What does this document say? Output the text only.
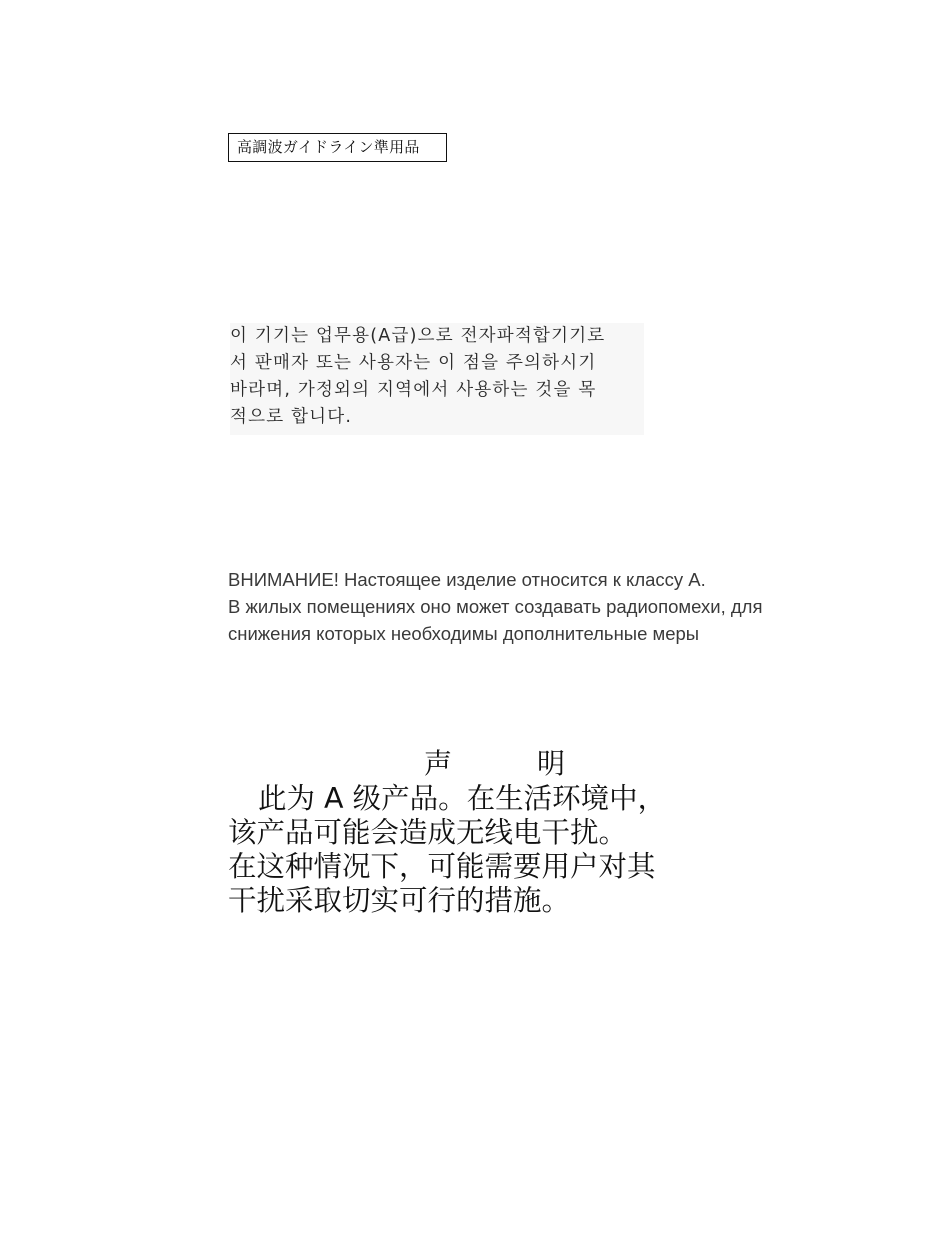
高調波ガイドライン準用品
이 기기는 업무용(A급)으로 전자파적합기기로
서 판매자 또는 사용자는 이 점을 주의하시기
바라며, 가정외의 지역에서 사용하는 것을 목
적으로 합니다.
ВНИМАНИЕ! Настоящее изделие относится к классу А.
В жилых помещениях оно может создавать радиопомехи, для
снижения которых необходимы дополнительные меры
声	明
此为 A 级产品。在生活环境中，
该产品可能会造成无线电干扰。
在这种情况下，可能需要用户对其
干扰采取切实可行的措施。
